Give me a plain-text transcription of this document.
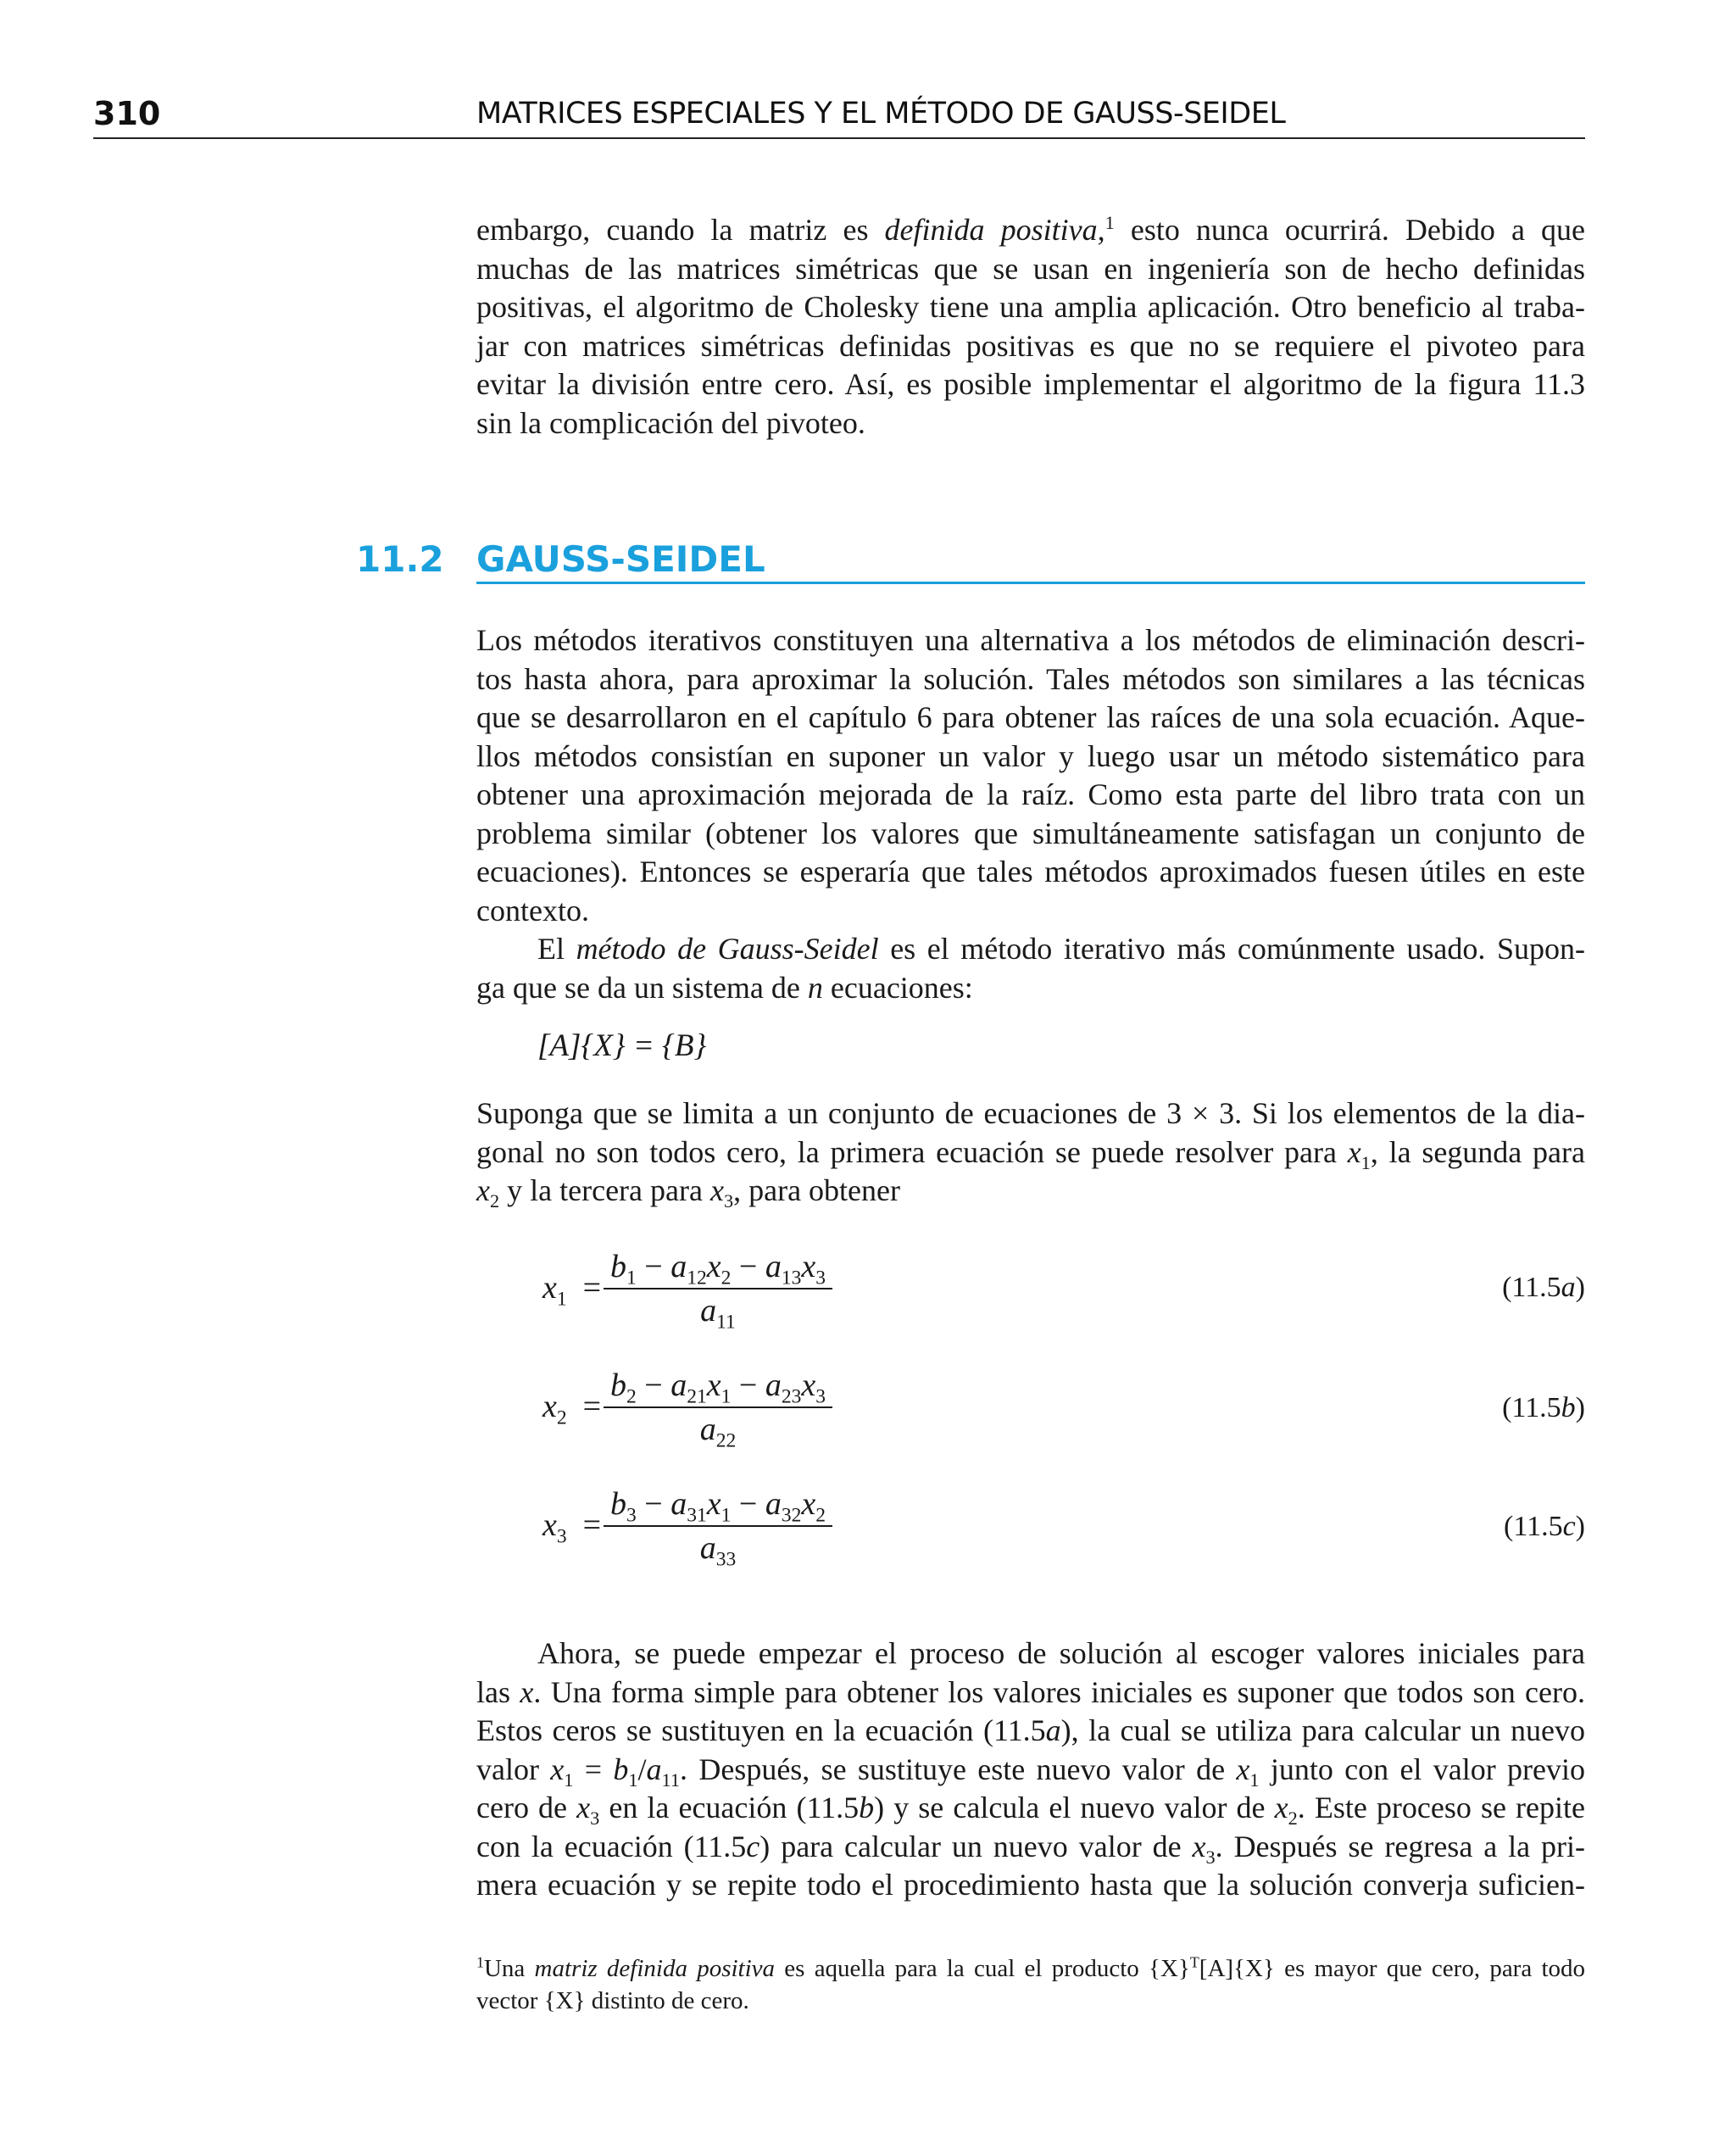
310	MATRICES ESPECIALES Y EL MÉTODO DE GAUSS-SEIDEL
embargo, cuando la matriz es definida positiva,$^1$ esto nunca ocurrirá. Debido a que
muchas de las matrices simétricas que se usan en ingeniería son de hecho definidas
positivas, el algoritmo de Cholesky tiene una amplia aplicación. Otro beneficio al traba-
jar con matrices simétricas definidas positivas es que no se requiere el pivoteo para
evitar la división entre cero. Así, es posible implementar el algoritmo de la figura 11.3
sin la complicación del pivoteo.
11.2 GAUSS-SEIDEL
Los métodos iterativos constituyen una alternativa a los métodos de eliminación descri-
tos hasta ahora, para aproximar la solución. Tales métodos son similares a las técnicas
que se desarrollaron en el capítulo 6 para obtener las raíces de una sola ecuación. Aque-
llos métodos consistían en suponer un valor y luego usar un método sistemático para
obtener una aproximación mejorada de la raíz. Como esta parte del libro trata con un
problema similar (obtener los valores que simultáneamente satisfagan un conjunto de
ecuaciones). Entonces se esperaría que tales métodos aproximados fuesen útiles en este
contexto.
El método de Gauss-Seidel es el método iterativo más comúnmente usado. Supon-
ga que se da un sistema de n ecuaciones:
[A]{X} = {B}
Suponga que se limita a un conjunto de ecuaciones de 3 × 3. Si los elementos de la dia-
gonal no son todos cero, la primera ecuación se puede resolver para $x_1$, la segunda para
$x_2$ y la tercera para $x_3$, para obtener
$x_1$  =
$b_1 - a_{12}x_2 - a_{13}x_3$
$a_{11}$
(11.5a)
$x_2$  =
$b_2 - a_{21}x_1 - a_{23}x_3$
$a_{22}$
(11.5b)
$x_3$  =
$b_3 - a_{31}x_1 - a_{32}x_2$
$a_{33}$
(11.5c)
Ahora, se puede empezar el proceso de solución al escoger valores iniciales para
las x. Una forma simple para obtener los valores iniciales es suponer que todos son cero.
Estos ceros se sustituyen en la ecuación (11.5a), la cual se utiliza para calcular un nuevo
valor $x_1 = b_1/a_{11}$. Después, se sustituye este nuevo valor de $x_1$ junto con el valor previo
cero de $x_3$ en la ecuación (11.5b) y se calcula el nuevo valor de $x_2$. Este proceso se repite
con la ecuación (11.5c) para calcular un nuevo valor de $x_3$. Después se regresa a la pri-
mera ecuación y se repite todo el procedimiento hasta que la solución converja suficien-
$^1$Una matriz definida positiva es aquella para la cual el producto $\{X\}^T[A]\{X\}$ es mayor que cero, para todo
vector {X} distinto de cero.
